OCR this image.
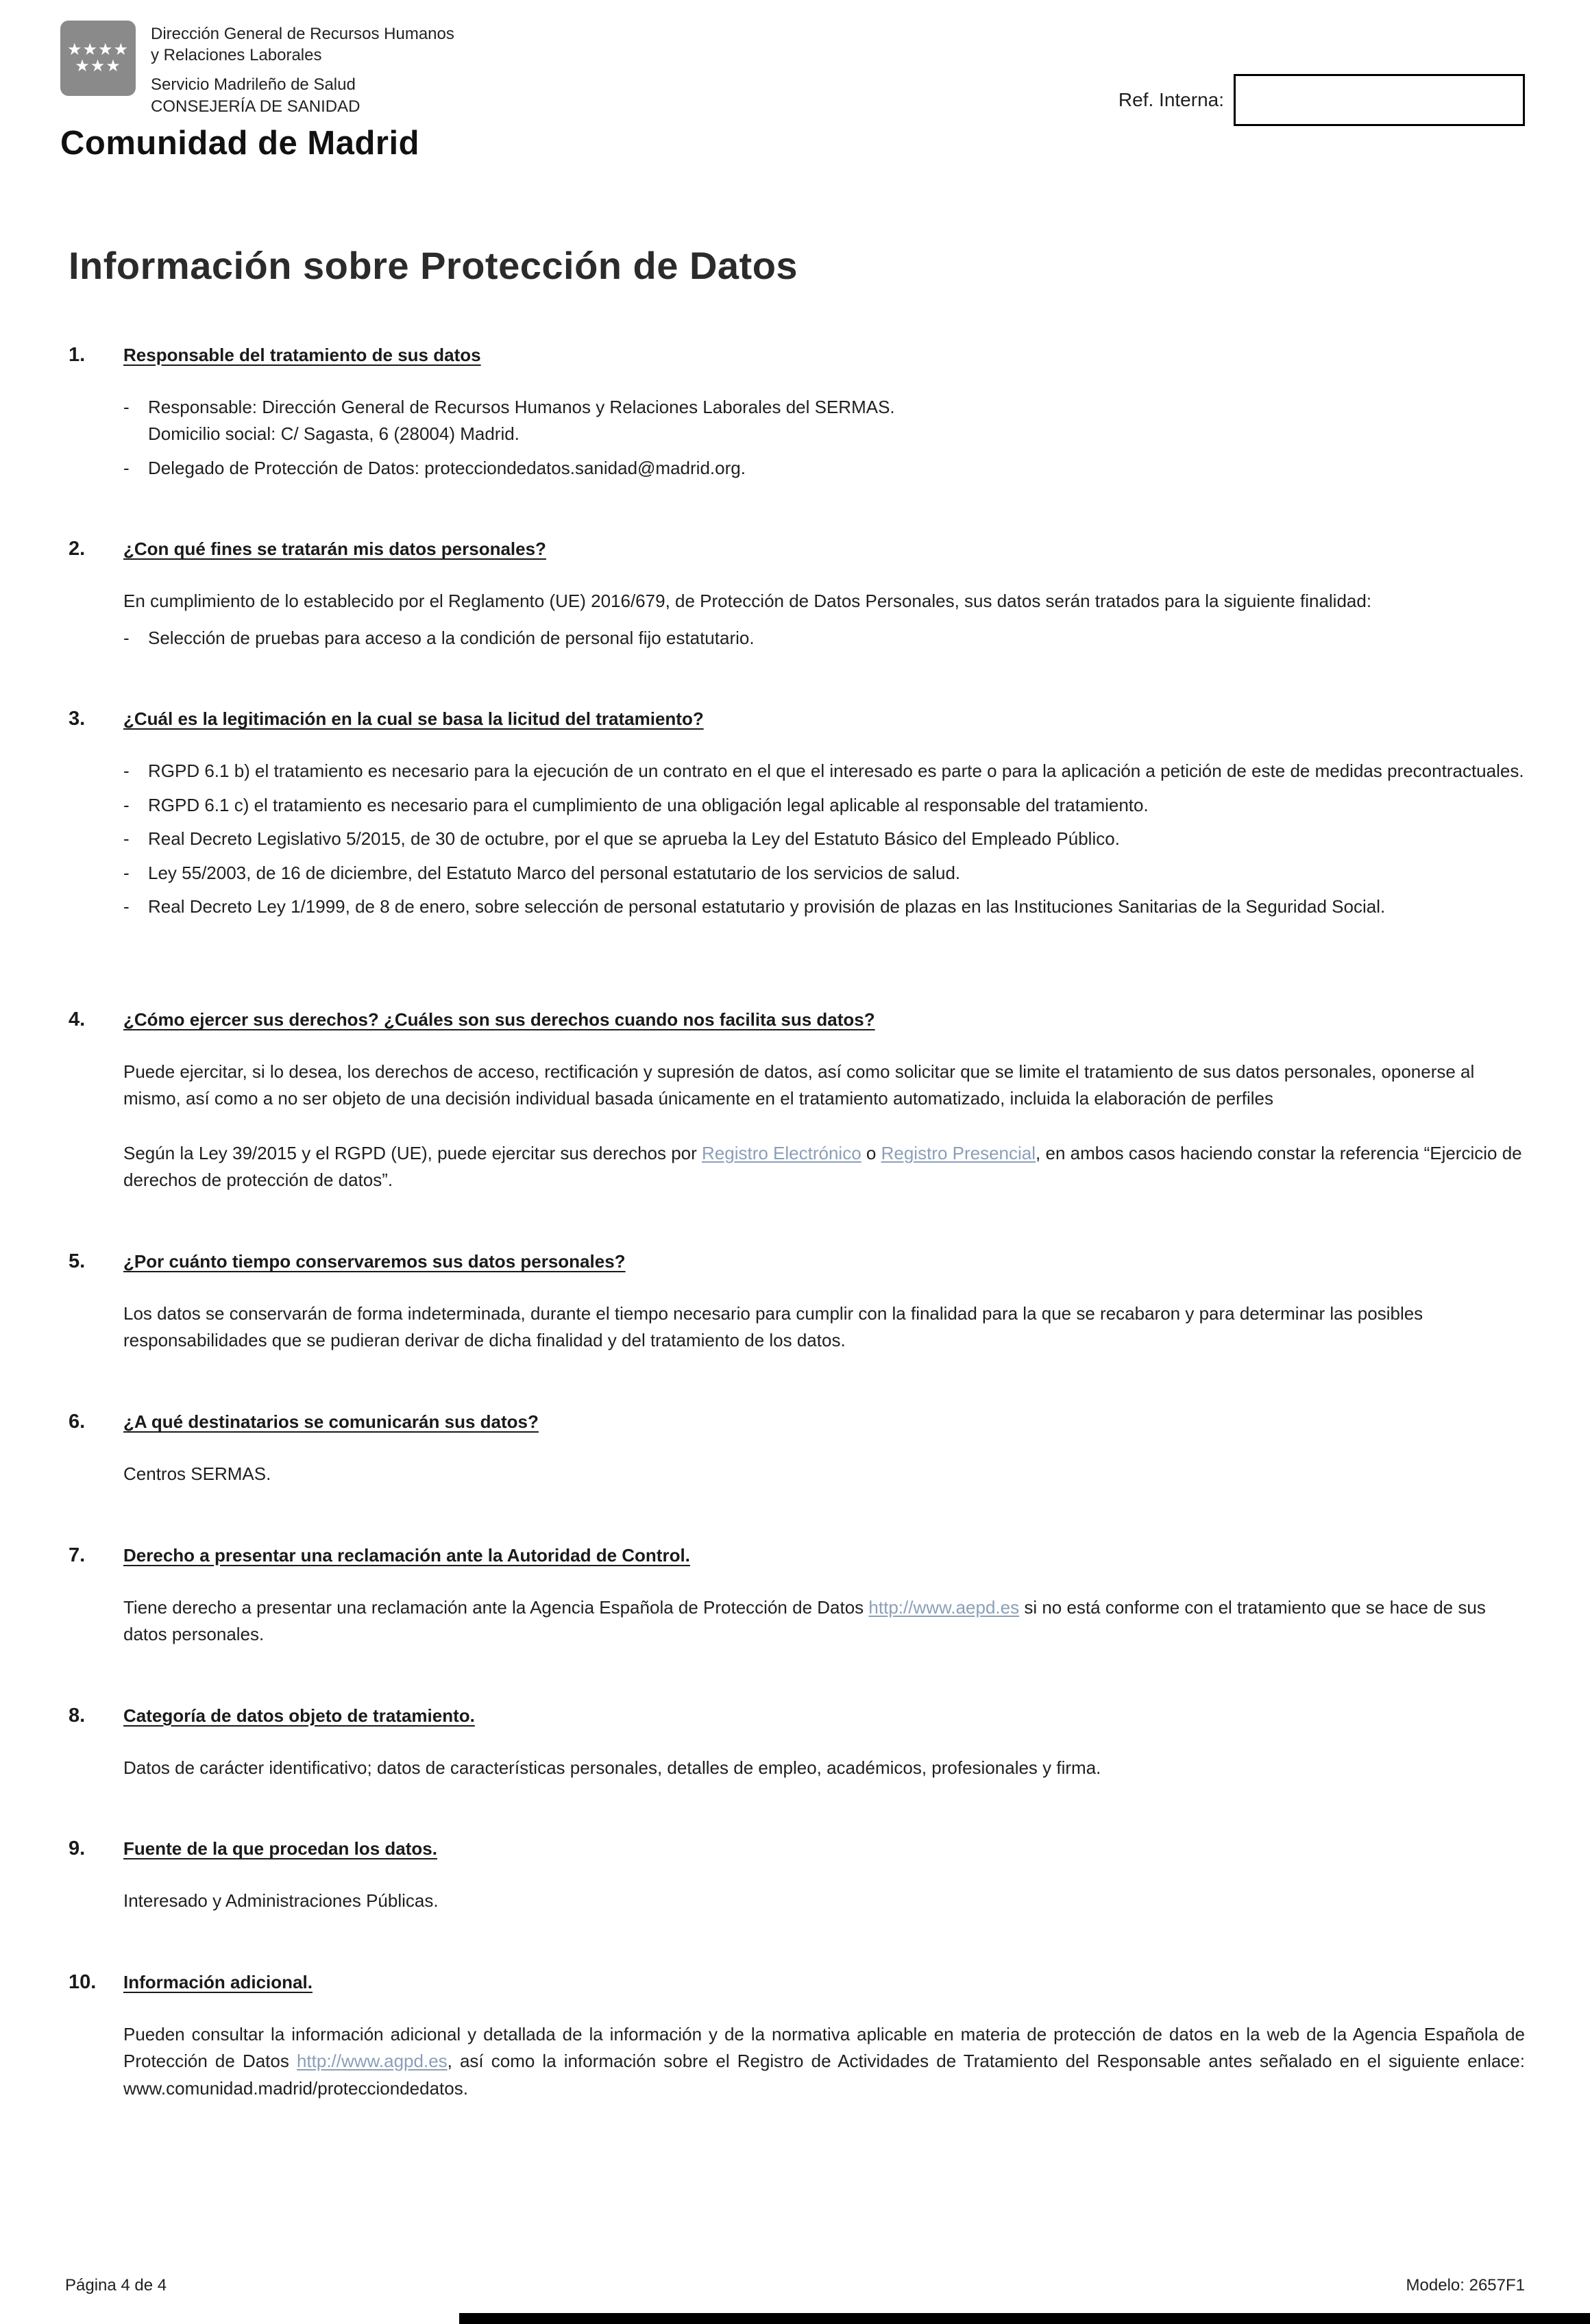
★★★★
★★★
Dirección General de Recursos Humanos
y Relaciones Laborales
Servicio Madrileño de Salud
CONSEJERÍA DE SANIDAD
Comunidad de Madrid
Ref. Interna:
Información sobre Protección de Datos
1.	Responsable del tratamiento de sus datos
-	Responsable: Dirección General de Recursos Humanos y Relaciones Laborales del SERMAS.
Domicilio social: C/ Sagasta, 6 (28004) Madrid.
-	Delegado de Protección de Datos: protecciondedatos.sanidad@madrid.org.
2.	¿Con qué fines se tratarán mis datos personales?

En cumplimiento de lo establecido por el Reglamento (UE) 2016/679, de Protección de Datos Personales, sus datos serán tratados para la siguiente finalidad:

-	Selección de pruebas para acceso a la condición de personal fijo estatutario.
3.	¿Cuál es la legitimación en la cual se basa la licitud del tratamiento?
-	RGPD 6.1 b) el tratamiento es necesario para la ejecución de un contrato en el que el interesado es parte o para la aplicación a petición de este de medidas precontractuales.
-	RGPD 6.1 c) el tratamiento es necesario para el cumplimiento de una obligación legal aplicable al responsable del tratamiento.
-	Real Decreto Legislativo 5/2015, de 30 de octubre, por el que se aprueba la Ley del Estatuto Básico del Empleado Público.
-	Ley 55/2003, de 16 de diciembre, del Estatuto Marco del personal estatutario de los servicios de salud.
-	Real Decreto Ley 1/1999, de 8 de enero, sobre selección de personal estatutario y provisión de plazas en las Instituciones Sanitarias de la Seguridad Social.
4.	¿Cómo ejercer sus derechos? ¿Cuáles son sus derechos cuando nos facilita sus datos?

Puede ejercitar, si lo desea, los derechos de acceso, rectificación y supresión de datos, así como solicitar que se limite el tratamiento de sus datos personales, oponerse al mismo, así como a no ser objeto de una decisión individual basada únicamente en el tratamiento automatizado, incluida la elaboración de perfiles

Según la Ley 39/2015 y el RGPD (UE), puede ejercitar sus derechos por Registro Electrónico o Registro Presencial, en ambos casos haciendo constar la referencia “Ejercicio de derechos de protección de datos”.

5.	¿Por cuánto tiempo conservaremos sus datos personales?

Los datos se conservarán de forma indeterminada, durante el tiempo necesario para cumplir con la finalidad para la que se recabaron y para determinar las posibles responsabilidades que se pudieran derivar de dicha finalidad y del tratamiento de los datos.

6.	¿A qué destinatarios se comunicarán sus datos?

Centros SERMAS.

7.	Derecho a presentar una reclamación ante la Autoridad de Control.

Tiene derecho a presentar una reclamación ante la Agencia Española de Protección de Datos http://www.aepd.es si no está conforme con el tratamiento que se hace de sus datos personales.

8.	Categoría de datos objeto de tratamiento.

Datos de carácter identificativo; datos de características personales, detalles de empleo, académicos, profesionales y firma.

9.	Fuente de la que procedan los datos.

Interesado y Administraciones Públicas.

10.	Información adicional.

Pueden consultar la información adicional y detallada de la información y de la normativa aplicable en materia de protección de datos en la web de la Agencia Española de Protección de Datos http://www.agpd.es, así como la información sobre el Registro de Actividades de Tratamiento del Responsable antes señalado en el siguiente enlace: www.comunidad.madrid/protecciondedatos.

Página 4 de 4	Modelo: 2657F1
